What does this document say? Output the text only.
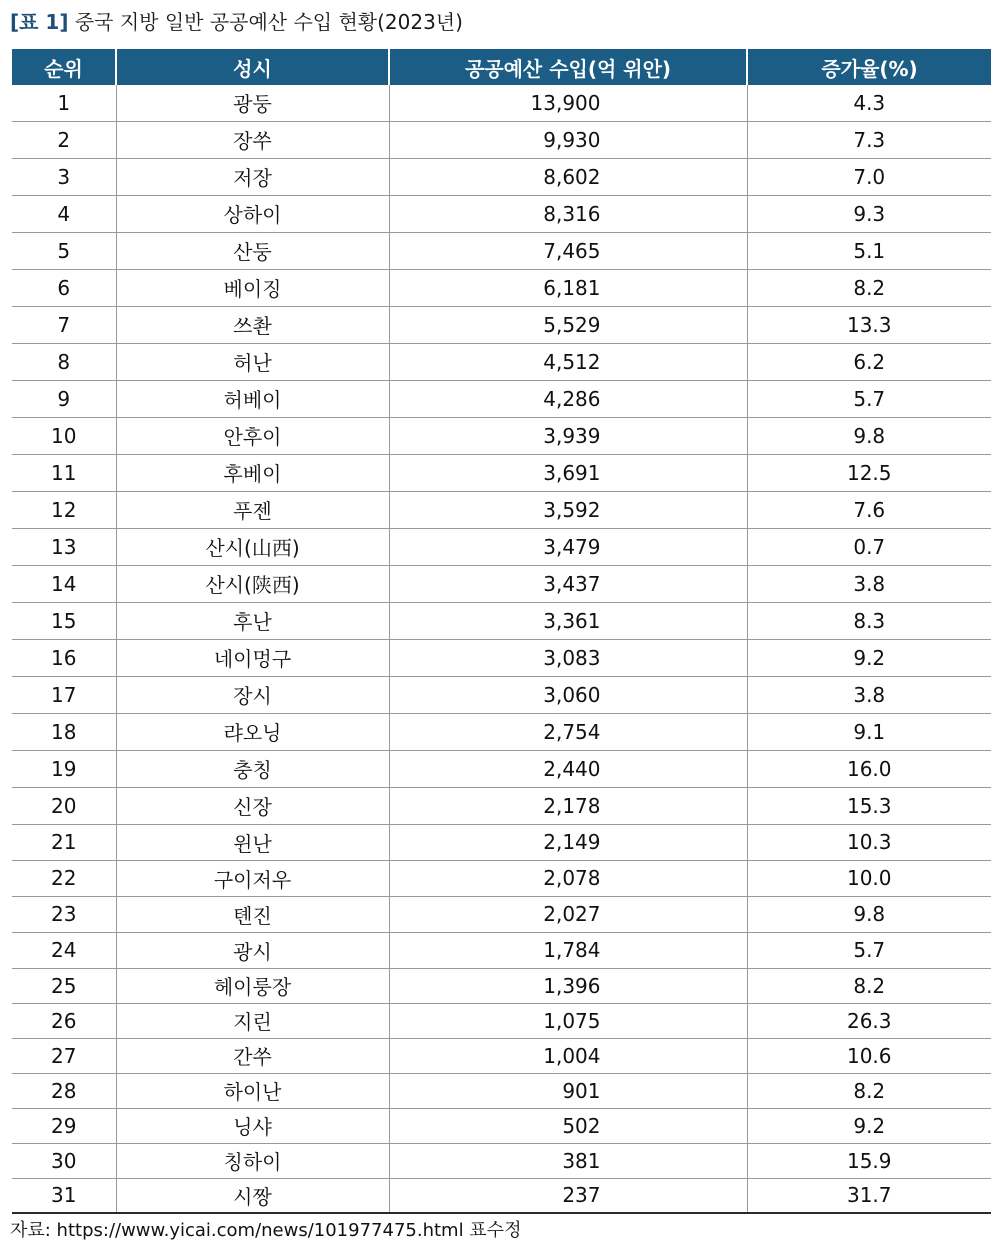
[표 1] 중국 지방 일반 공공예산 수입 현황(2023년)
순위	성시	공공예산 수입(억 위안)	증가율(%)
1	광둥	13,900	4.3
2	장쑤	9,930	7.3
3	저장	8,602	7.0
4	상하이	8,316	9.3
5	산둥	7,465	5.1
6	베이징	6,181	8.2
7	쓰촨	5,529	13.3
8	허난	4,512	6.2
9	허베이	4,286	5.7
10	안후이	3,939	9.8
11	후베이	3,691	12.5
12	푸젠	3,592	7.6
13	산시(山西)	3,479	0.7
14	산시(陕西)	3,437	3.8
15	후난	3,361	8.3
16	네이멍구	3,083	9.2
17	장시	3,060	3.8
18	랴오닝	2,754	9.1
19	충칭	2,440	16.0
20	신장	2,178	15.3
21	윈난	2,149	10.3
22	구이저우	2,078	10.0
23	톈진	2,027	9.8
24	광시	1,784	5.7
25	헤이룽장	1,396	8.2
26	지린	1,075	26.3
27	간쑤	1,004	10.6
28	하이난	901	8.2
29	닝샤	502	9.2
30	칭하이	381	15.9
31	시짱	237	31.7
자료: https://www.yicai.com/news/101977475.html 표수정
